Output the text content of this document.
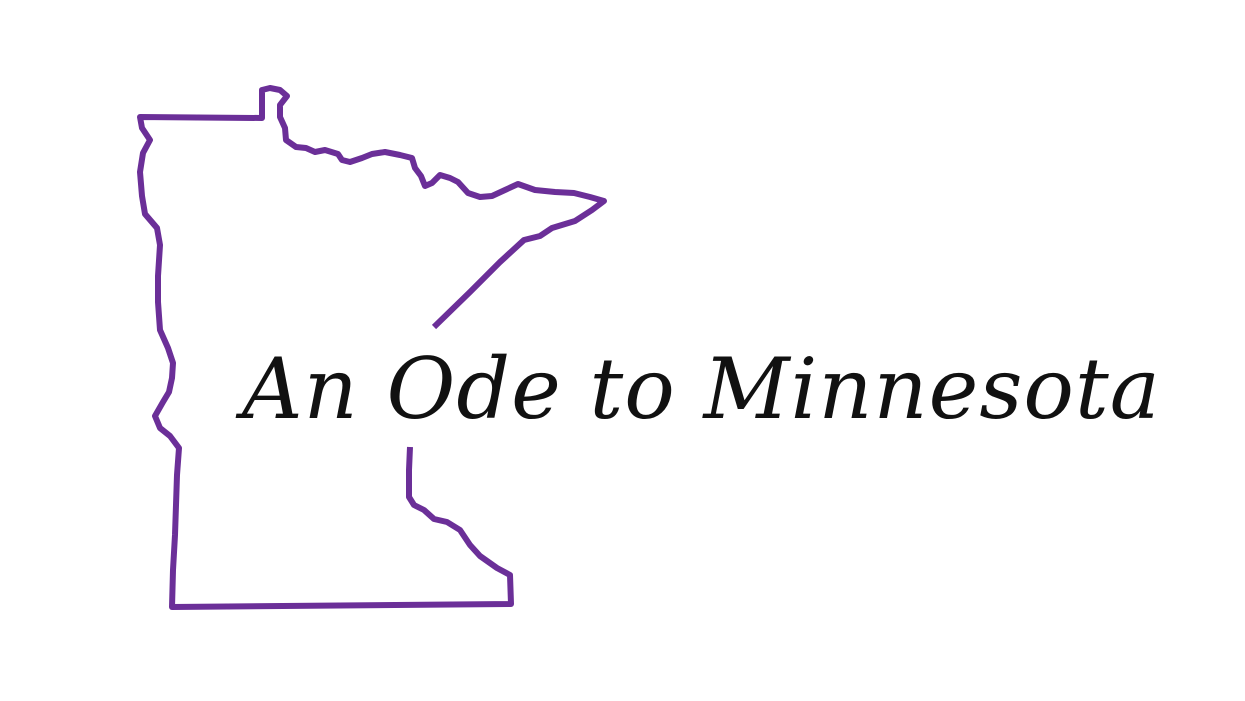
An Ode to Minnesota
